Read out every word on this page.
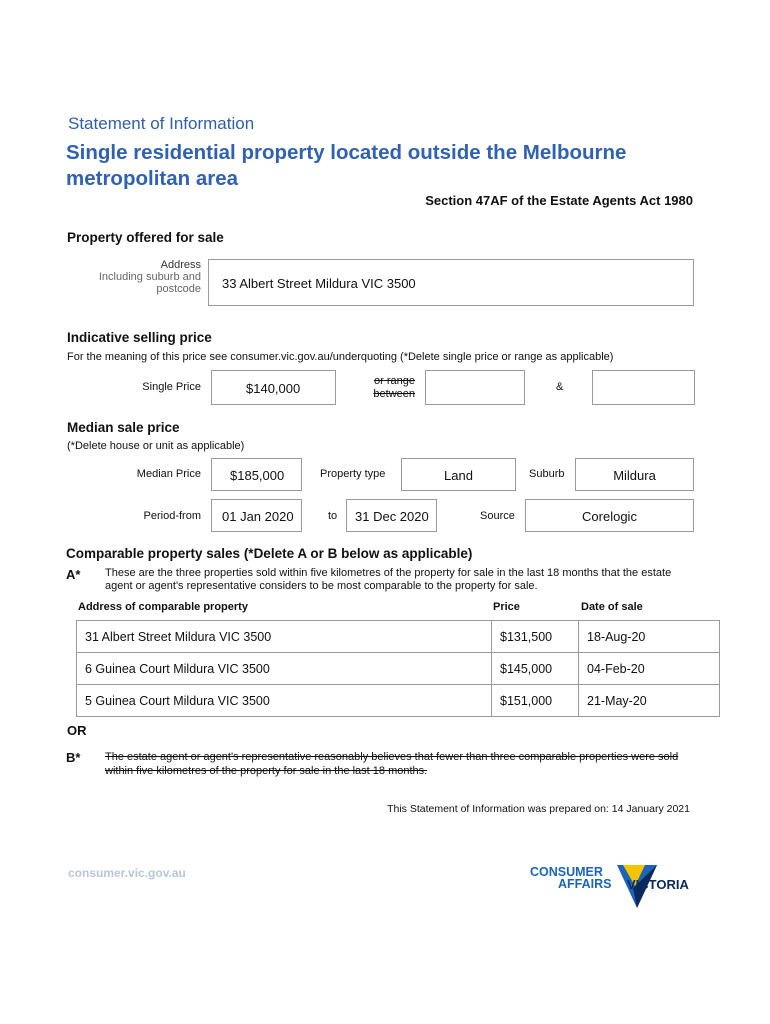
Statement of Information
Single residential property located outside the Melbourne metropolitan area
Section 47AF of the Estate Agents Act 1980
Property offered for sale
Address
Including suburb and
postcode 33 Albert Street Mildura VIC 3500
Indicative selling price
For the meaning of this price see consumer.vic.gov.au/underquoting (*Delete single price or range as applicable)
Single Price	$140,000	or range
between
&
Median sale price
(*Delete house or unit as applicable)
Median Price $185,000	Property type	Land	Suburb	Mildura
Period-from 01 Jan 2020	to 31 Dec 2020	Source	Corelogic
Comparable property sales (*Delete A or B below as applicable)
A* These are the three properties sold within five kilometres of the property for sale in the last 18 months that the estate agent or agent's representative considers to be most comparable to the property for sale.
Address of comparable property	Price	Date of sale
31 Albert Street Mildura VIC 3500	$131,500	18-Aug-20
6 Guinea Court Mildura VIC 3500	$145,000	04-Feb-20
5 Guinea Court Mildura VIC 3500	$151,000	21-May-20
OR
B* The estate agent or agent's representative reasonably believes that fewer than three comparable properties were sold within five kilometres of the property for sale in the last 18 months.
This Statement of Information was prepared on: 14 January 2021
consumer.vic.gov.au	CONSUMER
AFFAIRS VICTORIA
